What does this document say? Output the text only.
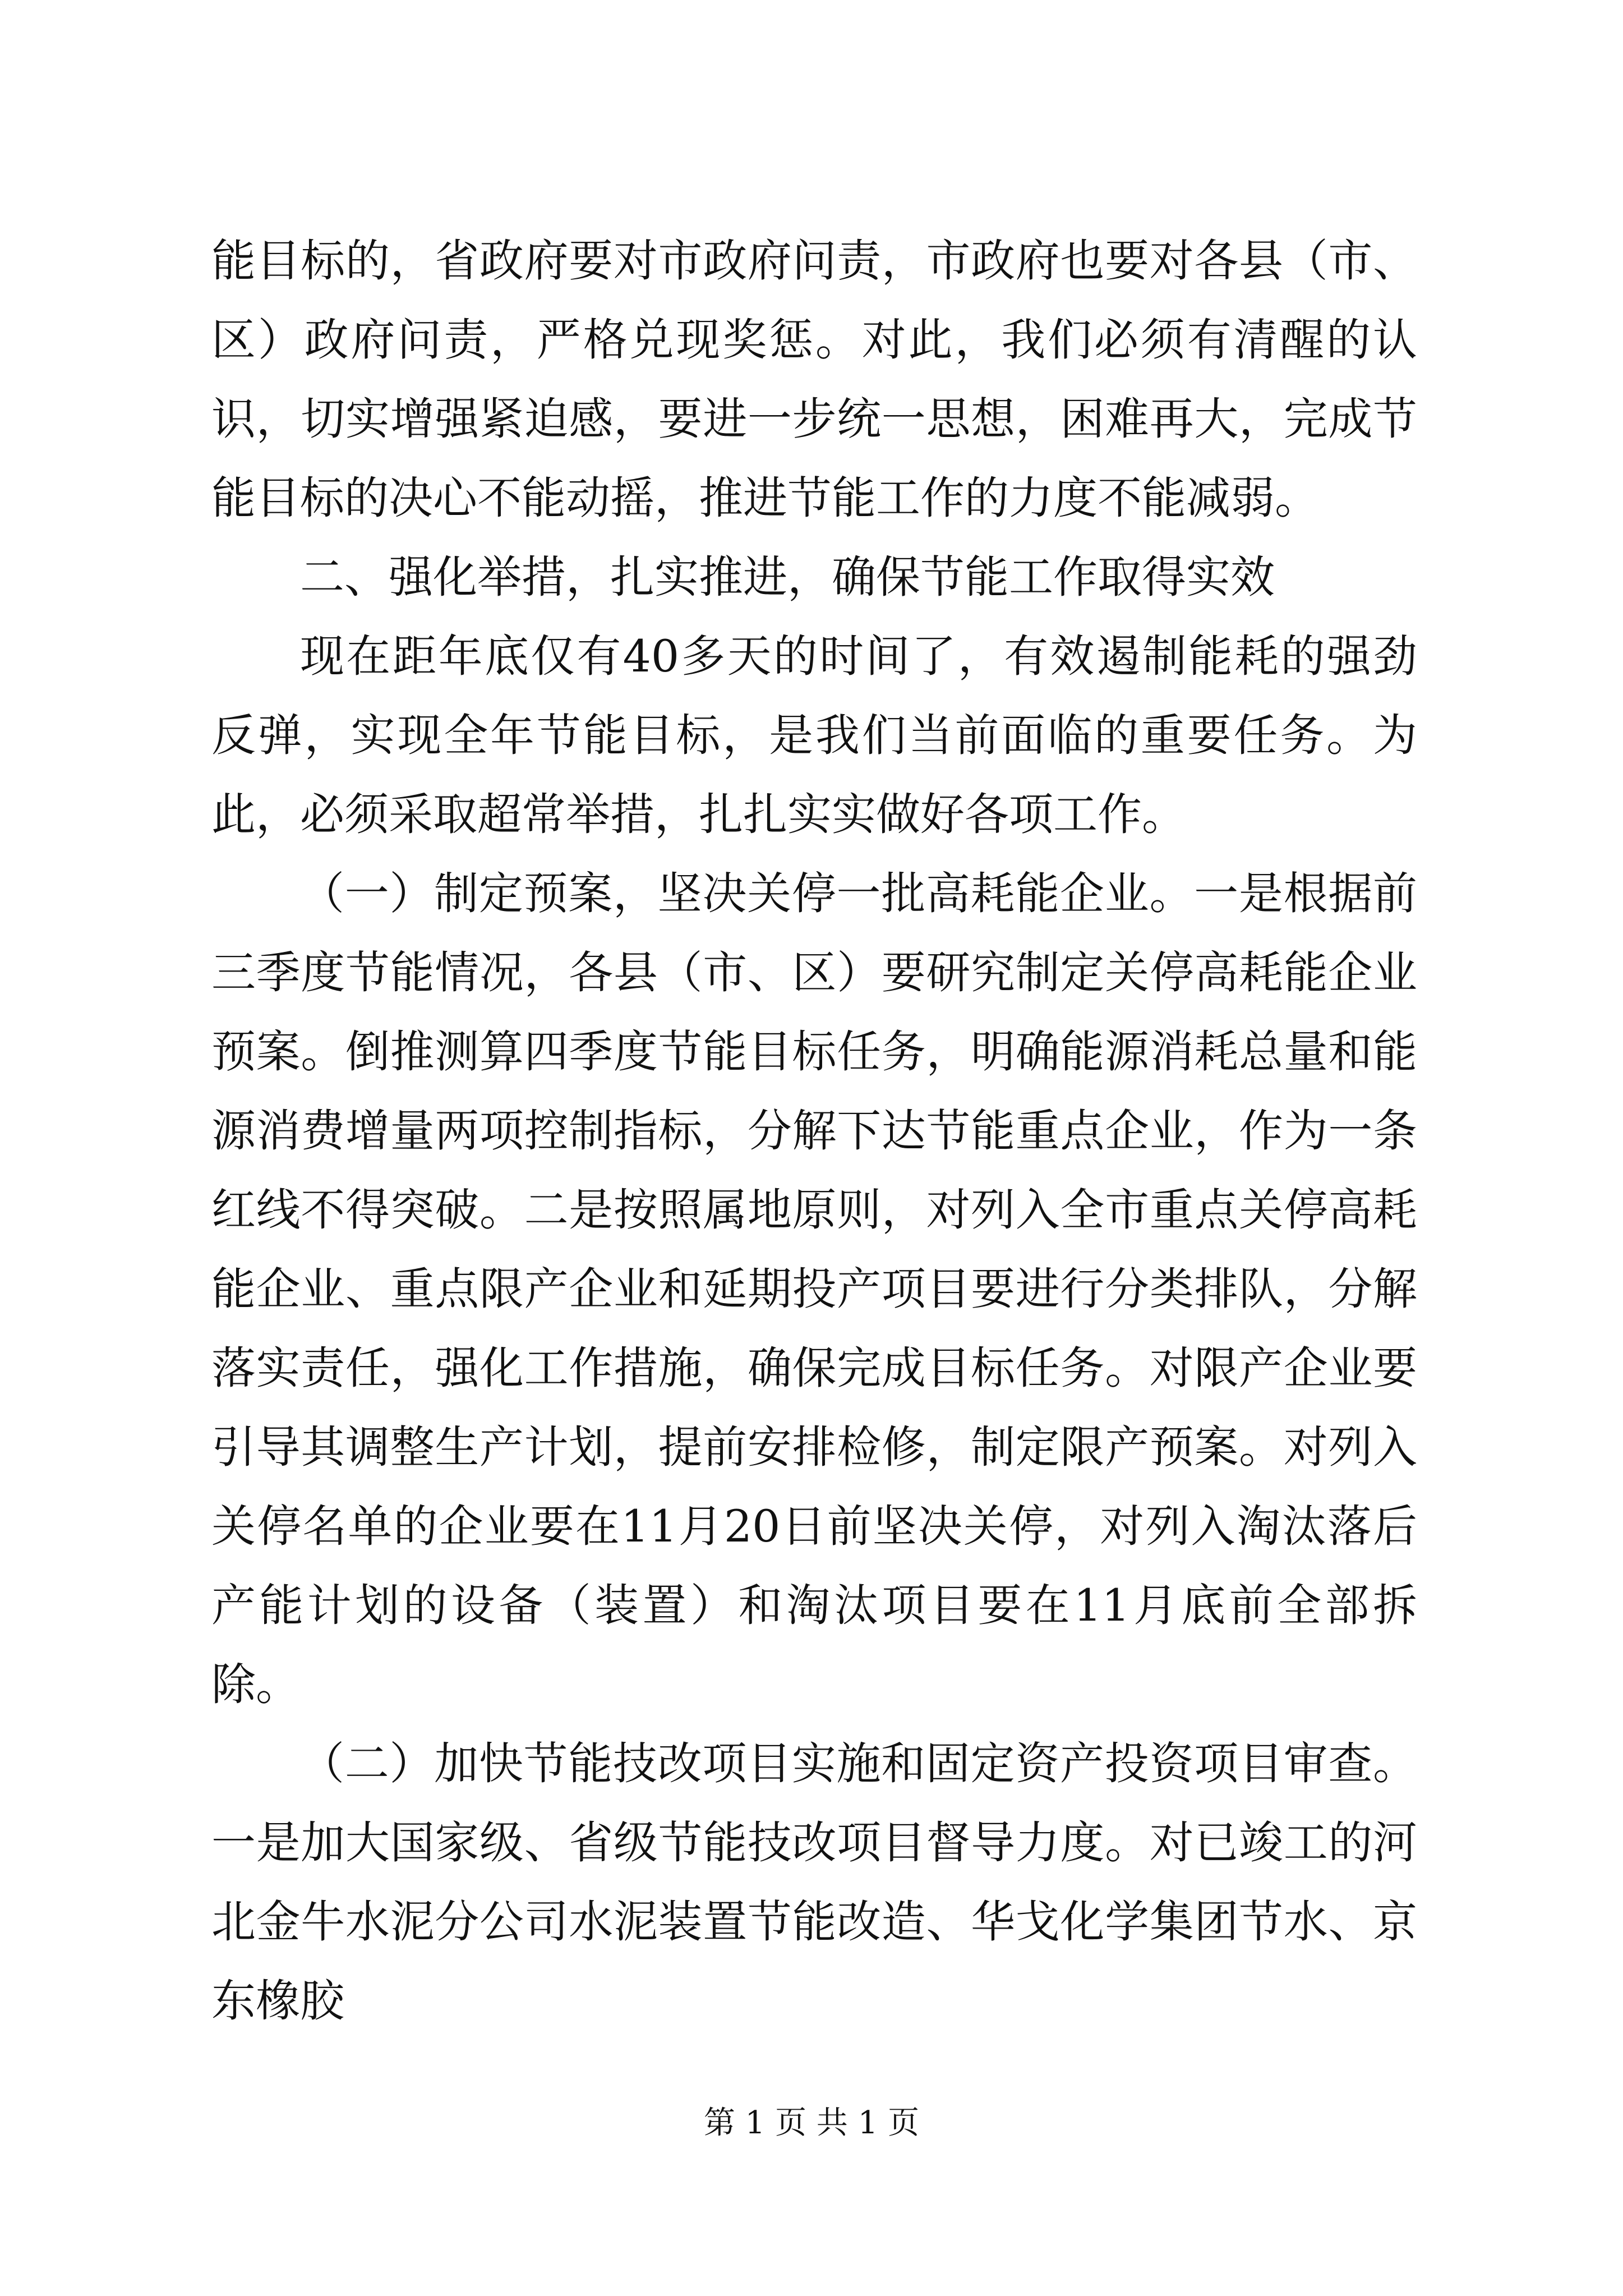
能目标的，省政府要对市政府问责，市政府也要对各县（市、区）政府问责，严格兑现奖惩。对此，我们必须有清醒的认识，切实增强紧迫感，要进一步统一思想，困难再大，完成节能目标的决心不能动摇，推进节能工作的力度不能减弱。

二、强化举措，扎实推进，确保节能工作取得实效

现在距年底仅有40多天的时间了，有效遏制能耗的强劲反弹，实现全年节能目标，是我们当前面临的重要任务。为此，必须采取超常举措，扎扎实实做好各项工作。

（一）制定预案，坚决关停一批高耗能企业。一是根据前三季度节能情况，各县（市、区）要研究制定关停高耗能企业预案。倒推测算四季度节能目标任务，明确能源消耗总量和能源消费增量两项控制指标，分解下达节能重点企业，作为一条红线不得突破。二是按照属地原则，对列入全市重点关停高耗能企业、重点限产企业和延期投产项目要进行分类排队，分解落实责任，强化工作措施，确保完成目标任务。对限产企业要引导其调整生产计划，提前安排检修，制定限产预案。对列入关停名单的企业要在11月20日前坚决关停，对列入淘汰落后产能计划的设备（装置）和淘汰项目要在11月底前全部拆除。

（二）加快节能技改项目实施和固定资产投资项目审查。一是加大国家级、省级节能技改项目督导力度。对已竣工的河北金牛水泥分公司水泥装置节能改造、华戈化学集团节水、京东橡胶

第 1 页 共 1 页
